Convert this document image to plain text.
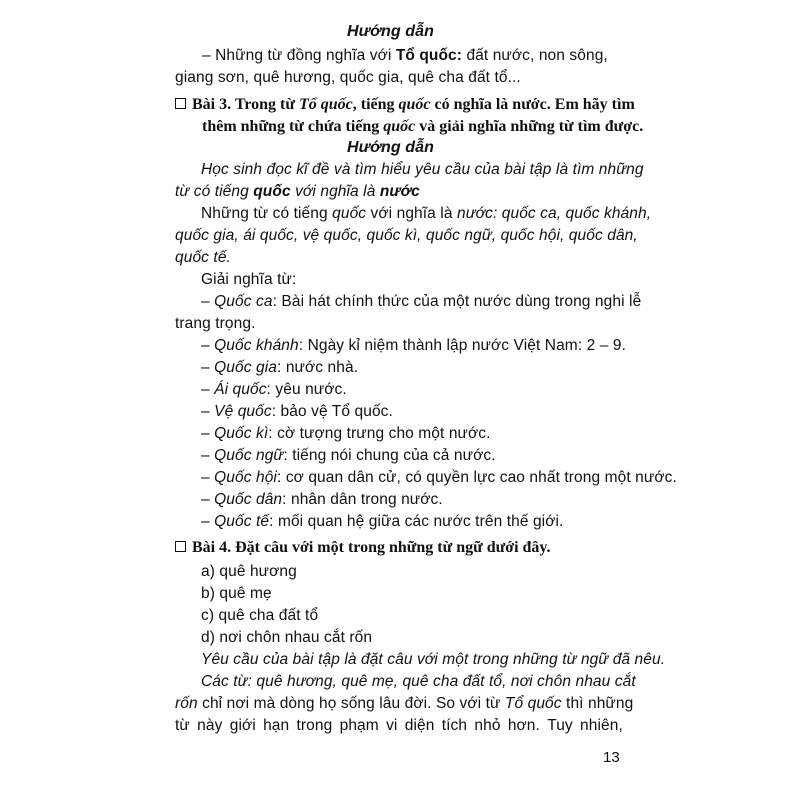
Hướng dẫn
– Những từ đồng nghĩa với Tổ quốc: đất nước, non sông,
giang sơn, quê hương, quốc gia, quê cha đất tổ...
Bài 3. Trong từ Tổ quốc, tiếng quốc có nghĩa là nước. Em hãy tìm
thêm những từ chứa tiếng quốc và giải nghĩa những từ tìm được.
Hướng dẫn
Học sinh đọc kĩ đề và tìm hiểu yêu cầu của bài tập là tìm những
từ có tiếng quốc với nghĩa là nước
Những từ có tiếng quốc với nghĩa là nước: quốc ca, quốc khánh,
quốc gia, ái quốc, vệ quốc, quốc kì, quốc ngữ, quốc hội, quốc dân,
quốc tế.
Giải nghĩa từ:
– Quốc ca: Bài hát chính thức của một nước dùng trong nghi lễ
trang trọng.
– Quốc khánh: Ngày kỉ niệm thành lập nước Việt Nam: 2 – 9.
– Quốc gia: nước nhà.
– Ái quốc: yêu nước.
– Vệ quốc: bảo vệ Tổ quốc.
– Quốc kì: cờ tượng trưng cho một nước.
– Quốc ngữ: tiếng nói chung của cả nước.
– Quốc hội: cơ quan dân cử, có quyền lực cao nhất trong một nước.
– Quốc dân: nhân dân trong nước.
– Quốc tế: mối quan hệ giữa các nước trên thế giới.
Bài 4. Đặt câu với một trong những từ ngữ dưới đây.
a) quê hương
b) quê mẹ
c) quê cha đất tổ
d) nơi chôn nhau cắt rốn
Yêu cầu của bài tập là đặt câu với một trong những từ ngữ đã nêu.
Các từ: quê hương, quê mẹ, quê cha đất tổ, nơi chôn nhau cắt
rốn chỉ nơi mà dòng họ sống lâu đời. So với từ Tổ quốc thì những
từ này giới hạn trong phạm vi diện tích nhỏ hơn. Tuy nhiên,
13
